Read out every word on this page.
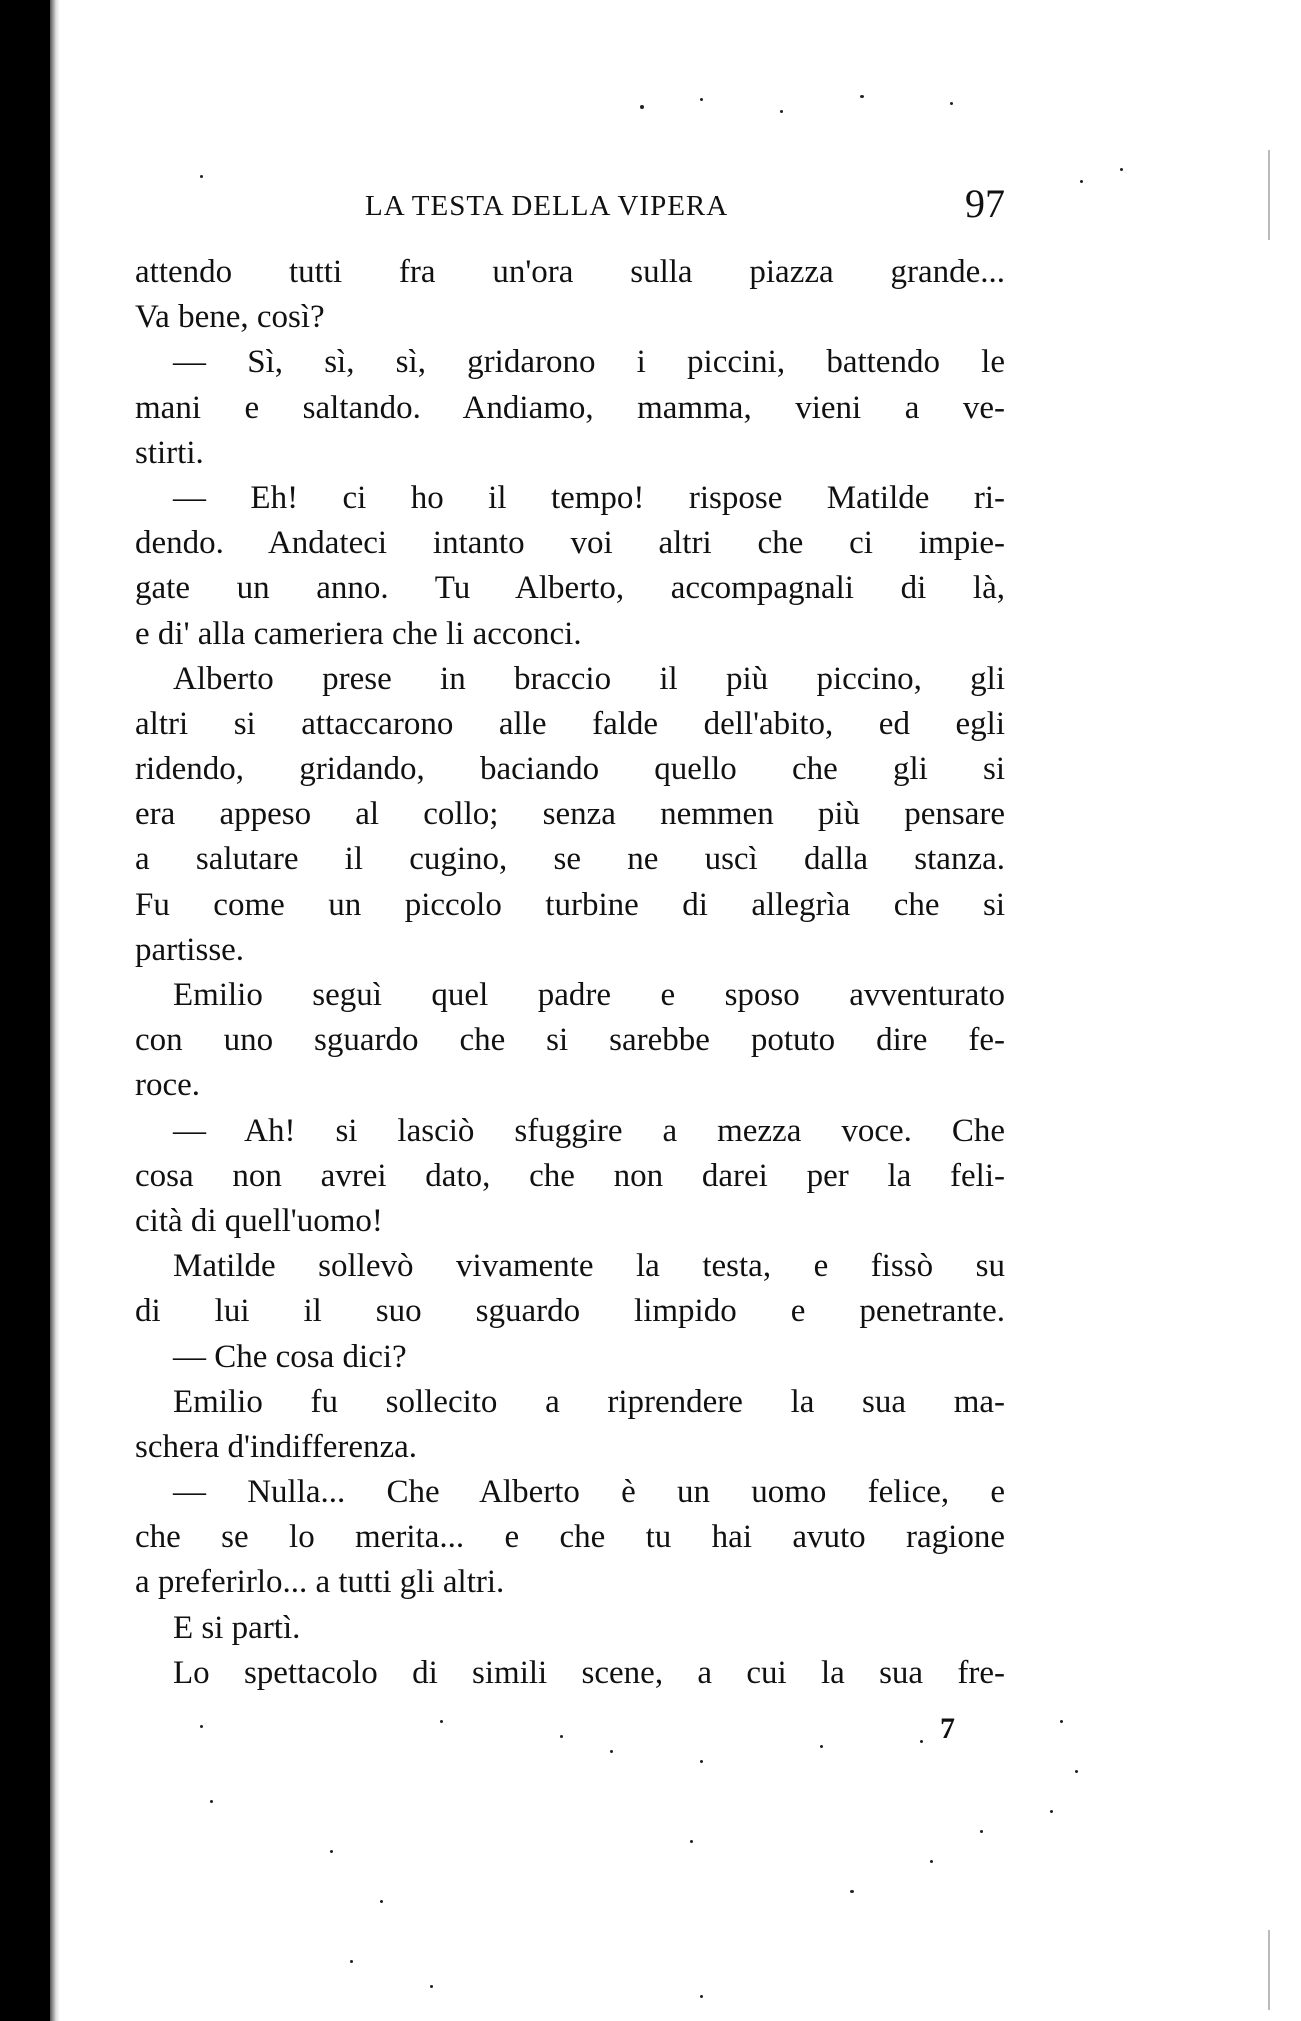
LA TESTA DELLA VIPERA	97
attendo tutti fra un'ora sulla piazza grande...
Va bene, così?
— Sì, sì, sì, gridarono i piccini, battendo le
mani e saltando. Andiamo, mamma, vieni a ve-
stirti.
— Eh! ci ho il tempo! rispose Matilde ri-
dendo. Andateci intanto voi altri che ci impie-
gate un anno. Tu Alberto, accompagnali di là,
e di' alla cameriera che li acconci.
Alberto prese in braccio il più piccino, gli
altri si attaccarono alle falde dell'abito, ed egli
ridendo, gridando, baciando quello che gli si
era appeso al collo; senza nemmen più pensare
a salutare il cugino, se ne uscì dalla stanza.
Fu come un piccolo turbine di allegrìa che si
partisse.
Emilio seguì quel padre e sposo avventurato
con uno sguardo che si sarebbe potuto dire fe-
roce.
— Ah! si lasciò sfuggire a mezza voce. Che
cosa non avrei dato, che non darei per la feli-
cità di quell'uomo!
Matilde sollevò vivamente la testa, e fissò su
di lui il suo sguardo limpido e penetrante.
— Che cosa dici?
Emilio fu sollecito a riprendere la sua ma-
schera d'indifferenza.
— Nulla... Che Alberto è un uomo felice, e
che se lo merita... e che tu hai avuto ragione
a preferirlo... a tutti gli altri.
E si partì.
Lo spettacolo di simili scene, a cui la sua fre-
7
